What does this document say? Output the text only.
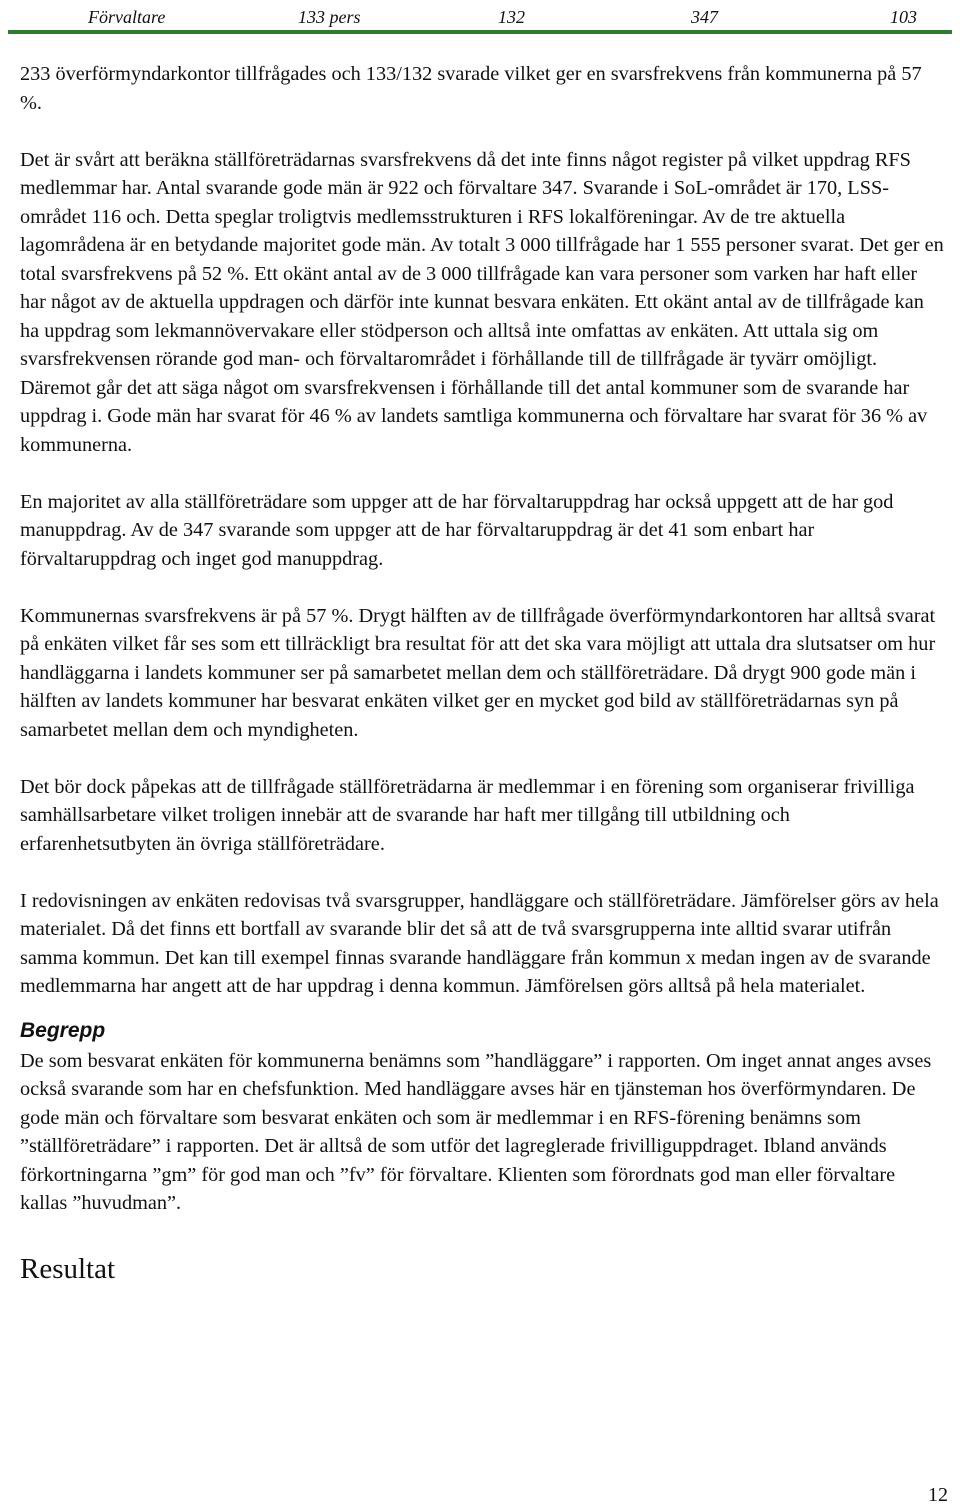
Förvaltare	133 pers	132	347	103

233 överförmyndarkontor tillfrågades och 133/132 svarade vilket ger en svarsfrekvens från kommunerna på 57 %.

Det är svårt att beräkna ställföreträdarnas svarsfrekvens då det inte finns något register på vilket uppdrag RFS medlemmar har. Antal svarande gode män är 922 och förvaltare 347. Svarande i SoL-området är 170, LSS- området 116 och. Detta speglar troligtvis medlemsstrukturen i RFS lokalföreningar. Av de tre aktuella lagområdena är en betydande majoritet gode män. Av totalt 3 000 tillfrågade har 1 555 personer svarat. Det ger en total svarsfrekvens på 52 %. Ett okänt antal av de 3 000 tillfrågade kan vara personer som varken har haft eller har något av de aktuella uppdragen och därför inte kunnat besvara enkäten. Ett okänt antal av de tillfrågade kan ha uppdrag som lekmannövervakare eller stödperson och alltså inte omfattas av enkäten. Att uttala sig om svarsfrekvensen rörande god man- och förvaltarområdet i förhållande till de tillfrågade är tyvärr omöjligt. Däremot går det att säga något om svarsfrekvensen i förhållande till det antal kommuner som de svarande har uppdrag i. Gode män har svarat för 46 % av landets samtliga kommunerna och förvaltare har svarat för 36 % av kommunerna.

En majoritet av alla ställföreträdare som uppger att de har förvaltaruppdrag har också uppgett att de har god manuppdrag. Av de 347 svarande som uppger att de har förvaltaruppdrag är det 41 som enbart har förvaltaruppdrag och inget god manuppdrag.

Kommunernas svarsfrekvens är på 57 %. Drygt hälften av de tillfrågade överförmyndarkontoren har alltså svarat på enkäten vilket får ses som ett tillräckligt bra resultat för att det ska vara möjligt att uttala dra slutsatser om hur handläggarna i landets kommuner ser på samarbetet mellan dem och ställföreträdare. Då drygt 900 gode män i hälften av landets kommuner har besvarat enkäten vilket ger en mycket god bild av ställföreträdarnas syn på samarbetet mellan dem och myndigheten.

Det bör dock påpekas att de tillfrågade ställföreträdarna är medlemmar i en förening som organiserar frivilliga samhällsarbetare vilket troligen innebär att de svarande har haft mer tillgång till utbildning och erfarenhetsutbyten än övriga ställföreträdare.

I redovisningen av enkäten redovisas två svarsgrupper, handläggare och ställföreträdare. Jämförelser görs av hela materialet. Då det finns ett bortfall av svarande blir det så att de två svarsgrupperna inte alltid svarar utifrån samma kommun. Det kan till exempel finnas svarande handläggare från kommun x medan ingen av de svarande medlemmarna har angett att de har uppdrag i denna kommun. Jämförelsen görs alltså på hela materialet.

Begrepp

De som besvarat enkäten för kommunerna benämns som ”handläggare” i rapporten. Om inget annat anges avses också svarande som har en chefsfunktion. Med handläggare avses här en tjänsteman hos överförmyndaren. De gode män och förvaltare som besvarat enkäten och som är medlemmar i en RFS-förening benämns som ”ställföreträdare” i rapporten. Det är alltså de som utför det lagreglerade frivilliguppdraget. Ibland används förkortningarna ”gm” för god man och ”fv” för förvaltare. Klienten som förordnats god man eller förvaltare kallas ”huvudman”.

Resultat
12
